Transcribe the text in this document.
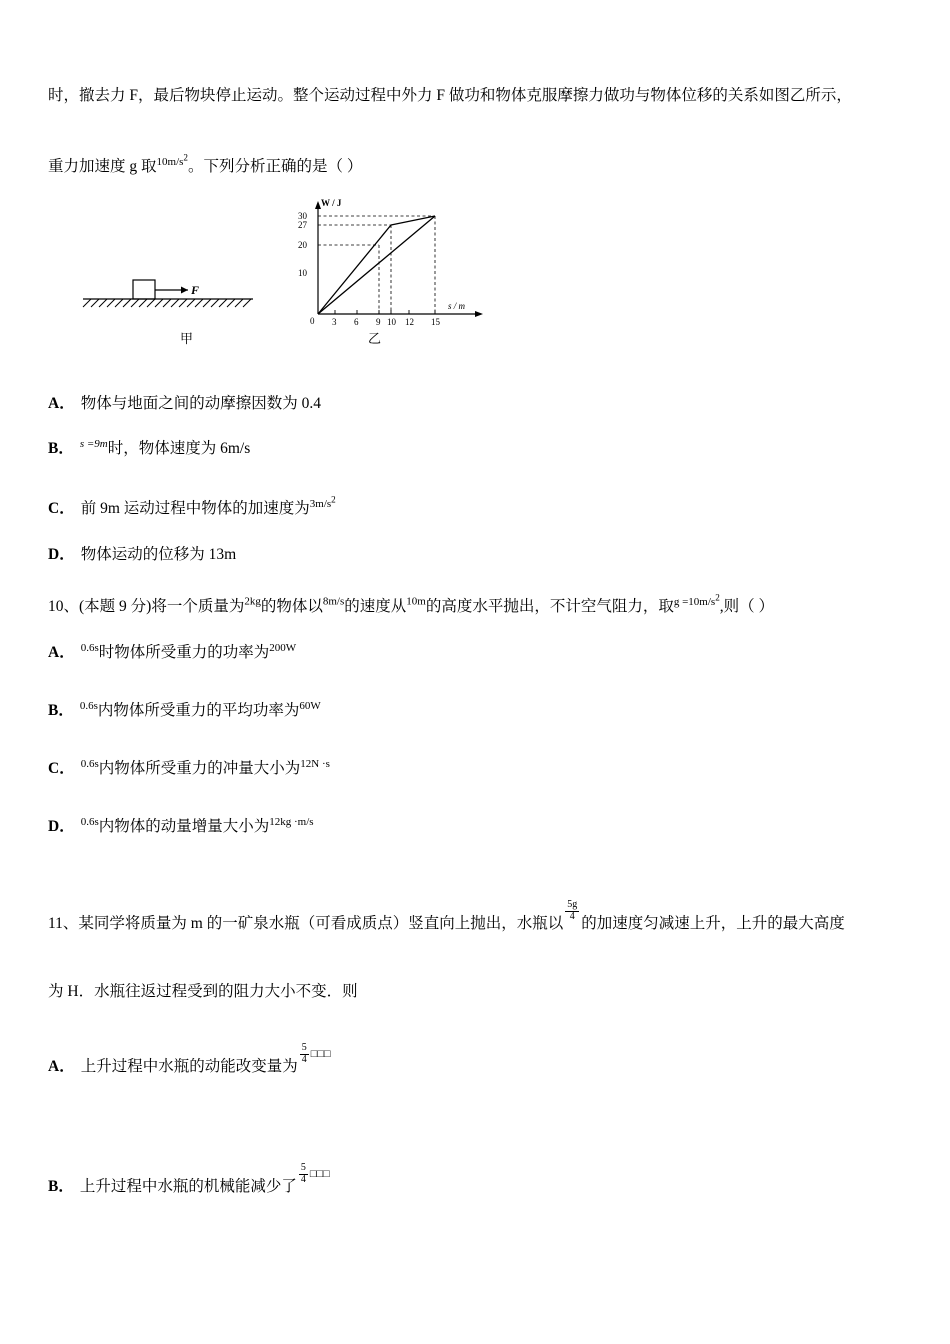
时，撤去力 F，最后物块停止运动。整个运动过程中外力 F 做功和物体克服摩擦力做功与物体位移的关系如图乙所示，
重力加速度 g 取$^{10m/s^2}$。下列分析正确的是（ ）
F
甲
W / J
s / m
30
27
20
10
0 3 6 9 10 12 15
乙
A． 物体与地面之间的动摩擦因数为 0.4
B． $^{s =9m}$时，物体速度为 6m/s
C． 前 9m 运动过程中物体的加速度为$^{3m/s^2}$
D． 物体运动的位移为 13m
10、(本题 9 分)将一个质量为$^{2kg}$的物体以$^{8m/s}$的速度从$^{10m}$的高度水平抛出，不计空气阻力，取$^{g =10m/s^2}$,则（ ）
A． $^{0.6s}$时物体所受重力的功率为$^{200W}$
B． $^{0.6s}$内物体所受重力的平均功率为$^{60W}$
C． $^{0.6s}$内物体所受重力的冲量大小为$^{12N \cdot s}$
D． $^{0.6s}$内物体的动量增量大小为$^{12kg \cdot m/s}$
11、某同学将质量为 m 的一矿泉水瓶（可看成质点）竖直向上抛出，水瓶以
$\frac{5g}{4}$
的加速度匀减速上升，上升的最大高度
为 H．水瓶往返过程受到的阻力大小不变．则
A． 上升过程中水瓶的动能改变量为
$\frac{5}{4} ^{□□□}$
B． 上升过程中水瓶的机械能减少了
$\frac{5}{4} ^{□□□}$
